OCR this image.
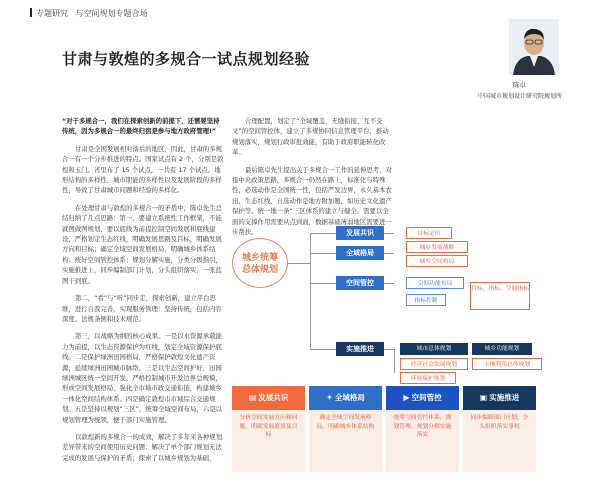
专题研究 与空间规划专题合场
甘肃与敦煌的多规合一试点规划经验
陈卓
中国城市规划设计研究院规划所

“对于多规合一，我们在探索创新的前提下，还需要坚持传统，因为多规合一的最终归宿是参与地方政府管理!”

甘肃是全国发展相对落后的地区，因此，甘肃的多规合一有一个分步推进的特点。国家试点有 2 个，分别是敦煌和玉门。省里布了 15 个试点，一共有 17 个试点。地形结构的多样性、城市职能的多样性以及发展阶段的多样性，导致了甘肃城市问题和经验的多样化。

在处理甘肃与敦煌的多规合一的矛盾中，陈卓先生总结归纳了几点思路：第一，要建立系统性工作框架，不能就图做图规划，要以底线为前提控制空间发展和底线建设，严格划定生态红线，明确发展思路及目标，明确发展方向和目标；确定全域空间发展格局，明确城乡体系结构；统好空间管控体系；规划分解实施，分类分级指引，实施推进上，同步编制部门计划，分头组织落实，一张蓝图干到底。

第二，“看”与“听”同步走，探索创新，建立平台思维，进行自我完善，实现服务管理：坚持传统，包括内容深度、法规条例和技术规范。

第三，以战略为纲的核心成果。一是以水资源承载能力为前提，以生态资源保护为红线，划定全域资源保护底线。二是保护绿洲田园格局，严格保护敦煌文化遗产资源，延续绿洲田园城市脉络。三是以生态空间护好，田园绿洲城区统一空间开发，严格控制城市开发边界总规模，形成空间发展格局，强化全市域市政交通衔接，构建城乡一体化空间结构体系。四是确定敦煌市市域综合交通规划。五是坚持以规划“三区”，统筹全域空间布局，六是以规划管理为统领，便于部门实施管理。

以敦煌新的多规合一的成效，解决了多年来各种规划差异带来的空间使用历史问题：解决了单个部门规划无法完成的发展与保护的矛盾；探索了以城乡规划为基础，

合理配置，划定了“全域覆盖，无缝衔接，互不交叉”的空间管控体，建立了多规协同信息管理平台，推动规划落实，规划行政审批效能，有助于政府职能转化改革。

最后陈卓先生提出关于多规合一工作的延伸思考，对接中央政策思路，多规合一仍然在路上，标准化与特殊性，必选动作是全国统一性，包括严发边界，永久基本农田、生态红线，自选动作是地方附加题，如历史文化遗产保护等。统一地一条“三区体系的建立与健全，需要以全面的支撑作用需要从点到面，数据基础薄弱地区需要进一步帮扶。

城乡统筹
总体规划
发展共识
全域格局
空间管控
实施推进
目标定位
城乡发展战略
城乡空间格局
空间功能布局
指标控制
目标、指标、空间指标
城市总体规划	城乡功能规划
经济社会发展规划	土地利用总体规划
环境保护规划
▤ 发展共识
分析空间发展方向和问题，明确发展愿景及目标
✦ 全域格局
确定全域空间发展格局，明确城乡体系结构
▶ 空间管控
统筹空间管控体系，规划管理，规划分解实施落实
▣ 实施推进
同步编制部门计划，分头组织落实事权
